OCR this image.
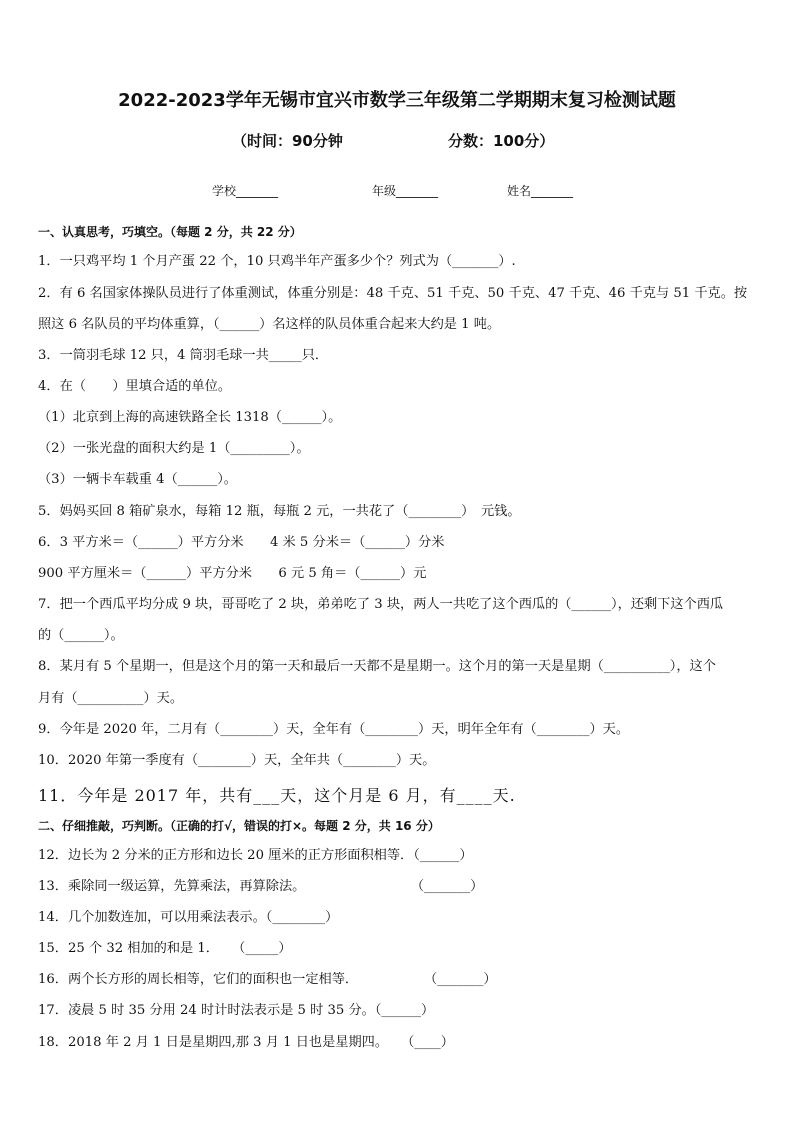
2022-2023学年无锡市宜兴市数学三年级第二学期期末复习检测试题
（时间：90分钟	分数：100分）
学校_______	年级_______	姓名_______
一、认真思考，巧填空。（每题 2 分，共 22 分）
1．一只鸡平均 1 个月产蛋 22 个，10 只鸡半年产蛋多少个？列式为（_______）.
2．有 6 名国家体操队员进行了体重测试，体重分别是：48 千克、51 千克、50 千克、47 千克、46 千克与 51 千克。按
照这 6 名队员的平均体重算，（______）名这样的队员体重合起来大约是 1 吨。
3．一筒羽毛球 12 只，4 筒羽毛球一共_____只．
4．在（　　）里填合适的单位。
（1）北京到上海的高速铁路全长 1318（______）。
（2）一张光盘的面积大约是 1（_________）。
（3）一辆卡车载重 4（______）。
5．妈妈买回 8 箱矿泉水，每箱 12 瓶，每瓶 2 元，一共花了（________）　元钱。
6．3 平方米＝（______）平方分米　　4 米 5 分米＝（______）分米
900 平方厘米＝（______）平方分米　　6 元 5 角＝（______）元
7．把一个西瓜平均分成 9 块，哥哥吃了 2 块，弟弟吃了 3 块，两人一共吃了这个西瓜的（______），还剩下这个西瓜
的（______）。
8．某月有 5 个星期一，但是这个月的第一天和最后一天都不是星期一。这个月的第一天是星期（__________），这个
月有（__________）天。
9．今年是 2020 年，二月有（________）天，全年有（________）天，明年全年有（________）天。
10．2020 年第一季度有（________）天，全年共（________）天。
11．今年是 2017 年，共有___天，这个月是 6 月，有____天.
二、仔细推敲，巧判断。（正确的打√，错误的打×。每题 2 分，共 16 分）
12．边长为 2 分米的正方形和边长 20 厘米的正方形面积相等．（______）
13．乘除同一级运算，先算乘法，再算除法。　　　　　　　　　（_______）
14．几个加数连加，可以用乘法表示。（________）
15．25 个 32 相加的和是 1．　　（_____）
16．两个长方形的周长相等，它们的面积也一定相等．　　　　　　（_______）
17．凌晨 5 时 35 分用 24 时计时法表示是 5 时 35 分。（______）
18．2018 年 2 月 1 日是星期四,那 3 月 1 日也是星期四。　　（____）
